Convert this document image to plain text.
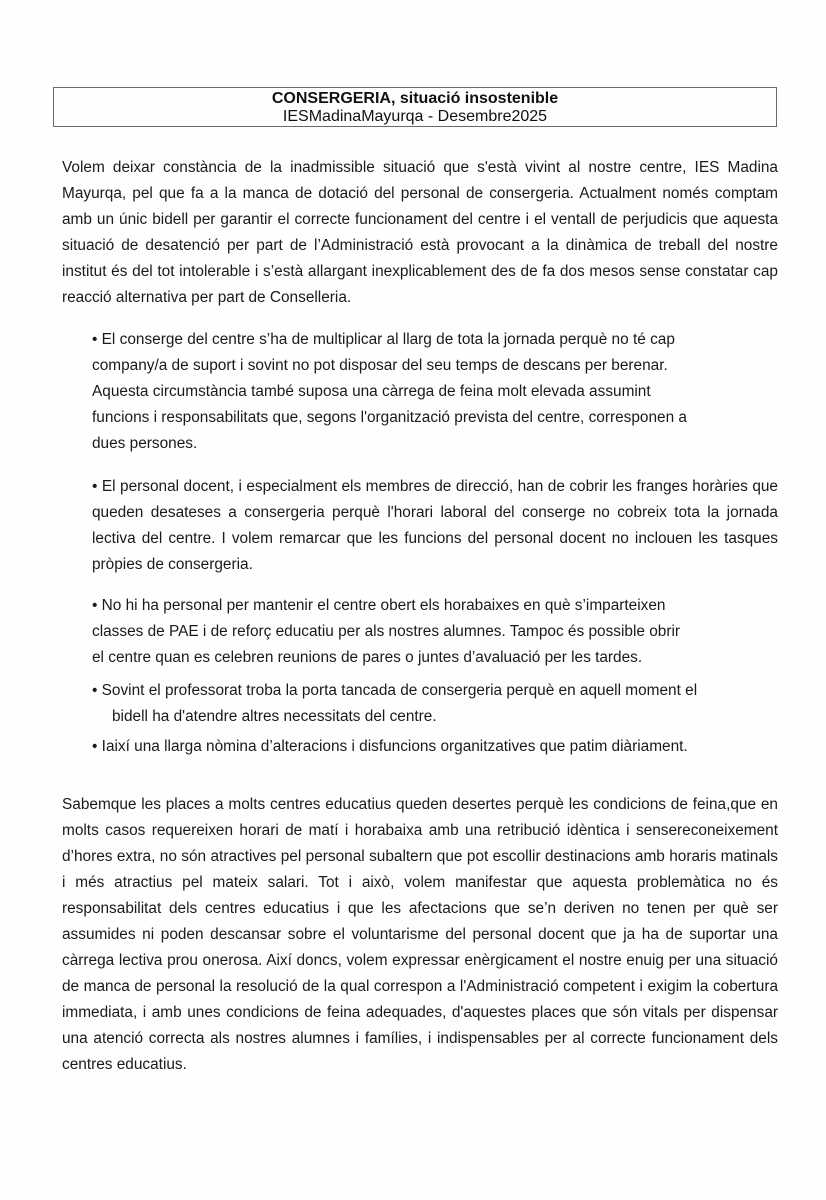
CONSERGERIA, situació insostenible
IESMadinaMayurqa - Desembre2025

Volem deixar constància de la inadmissible situació que s'està vivint al nostre centre, IES Madina Mayurqa, pel que fa a la manca de dotació del personal de consergeria. Actualment només comptam amb un únic bidell per garantir el correcte funcionament del centre i el ventall de perjudicis que aquesta situació de desatenció per part de l’Administració està provocant a la dinàmica de treball del nostre institut és del tot intolerable i s’està allargant inexplicablement des de fa dos mesos sense constatar cap reacció alternativa per part de Conselleria.

• El conserge del centre s’ha de multiplicar al llarg de tota la jornada perquè no té cap
company/a de suport i sovint no pot disposar del seu temps de descans per berenar.
Aquesta circumstància també suposa una càrrega de feina molt elevada assumint
funcions i responsabilitats que, segons l'organització prevista del centre, corresponen a
dues persones.

• El personal docent, i especialment els membres de direcció, han de cobrir les franges horàries que queden desateses a consergeria perquè l'horari laboral del conserge no cobreix tota la jornada lectiva del centre. I volem remarcar que les funcions del personal docent no inclouen les tasques pròpies de consergeria.

• No hi ha personal per mantenir el centre obert els horabaixes en què s’imparteixen
classes de PAE i de reforç educatiu per als nostres alumnes. Tampoc és possible obrir
el centre quan es celebren reunions de pares o juntes d’avaluació per les tardes.
• Sovint el professorat troba la porta tancada de consergeria perquè en aquell moment el
bidell ha d'atendre altres necessitats del centre.
• Iaixí una llarga nòmina d’alteracions i disfuncions organitzatives que patim diàriament.

Sabemque les places a molts centres educatius queden desertes perquè les condicions de feina,que en molts casos requereixen horari de matí i horabaixa amb una retribució idèntica i sensereconeixement d’hores extra, no són atractives pel personal subaltern que pot escollir destinacions amb horaris matinals i més atractius pel mateix salari. Tot i això, volem manifestar que aquesta problemàtica no és responsabilitat dels centres educatius i que les afectacions que se’n deriven no tenen per què ser assumides ni poden descansar sobre el voluntarisme del personal docent que ja ha de suportar una càrrega lectiva prou onerosa. Així doncs, volem expressar enèrgicament el nostre enuig per una situació de manca de personal la resolució de la qual correspon a l'Administració competent i exigim la cobertura immediata, i amb unes condicions de feina adequades, d'aquestes places que són vitals per dispensar una atenció correcta als nostres alumnes i famílies, i indispensables per al correcte funcionament dels centres educatius.
